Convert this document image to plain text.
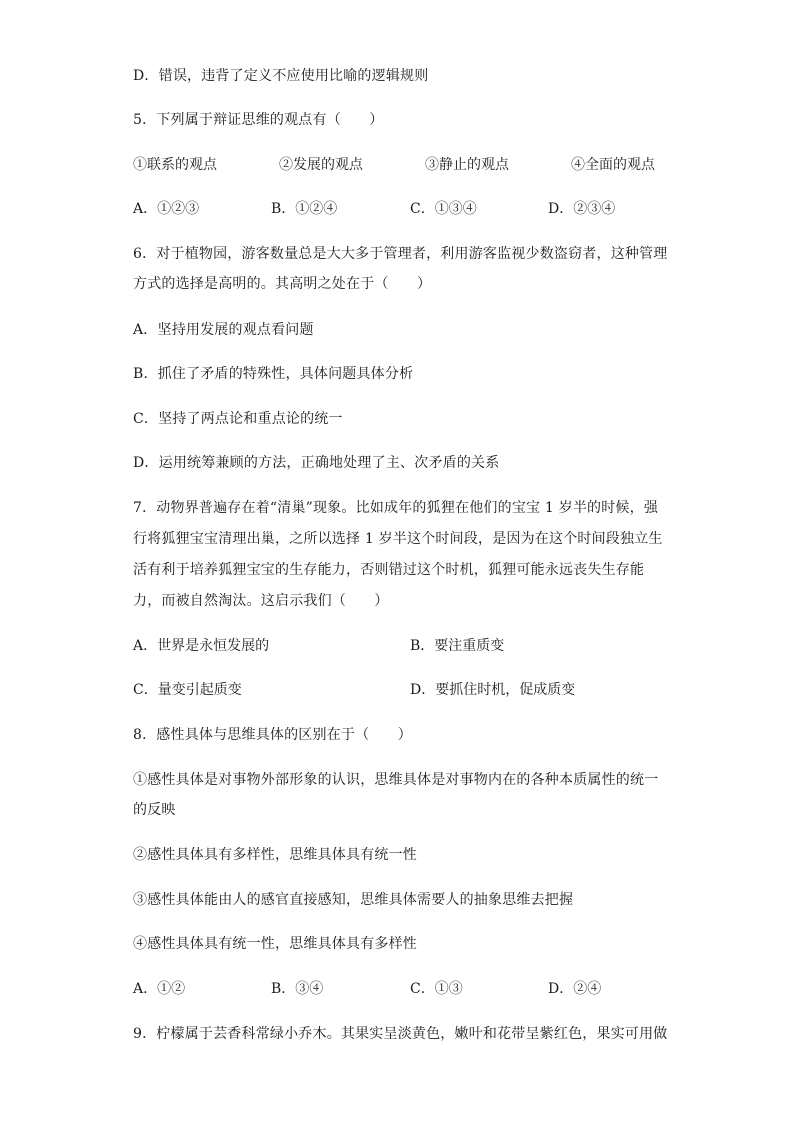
D．错误，违背了定义不应使用比喻的逻辑规则
5．下列属于辩证思维的观点有（　　）
①联系的观点	②发展的观点	③静止的观点	④全面的观点
A．①②③	B．①②④	C．①③④	D．②③④
6．对于植物园，游客数量总是大大多于管理者，利用游客监视少数盗窃者，这种管理
方式的选择是高明的。其高明之处在于（　　）
A．坚持用发展的观点看问题
B．抓住了矛盾的特殊性，具体问题具体分析
C．坚持了两点论和重点论的统一
D．运用统筹兼顾的方法，正确地处理了主、次矛盾的关系
7．动物界普遍存在着“清巢”现象。比如成年的狐狸在他们的宝宝 1 岁半的时候，强
行将狐狸宝宝清理出巢，之所以选择 1 岁半这个时间段，是因为在这个时间段独立生
活有利于培养狐狸宝宝的生存能力，否则错过这个时机，狐狸可能永远丧失生存能
力，而被自然淘汰。这启示我们（　　）
A．世界是永恒发展的	B．要注重质变
C．量变引起质变	D．要抓住时机，促成质变
8．感性具体与思维具体的区别在于（　　）
①感性具体是对事物外部形象的认识，思维具体是对事物内在的各种本质属性的统一
的反映
②感性具体具有多样性，思维具体具有统一性
③感性具体能由人的感官直接感知，思维具体需要人的抽象思维去把握
④感性具体具有统一性，思维具体具有多样性
A．①②	B．③④	C．①③	D．②④
9．柠檬属于芸香科常绿小乔木。其果实呈淡黄色，嫩叶和花带呈紫红色，果实可用做
